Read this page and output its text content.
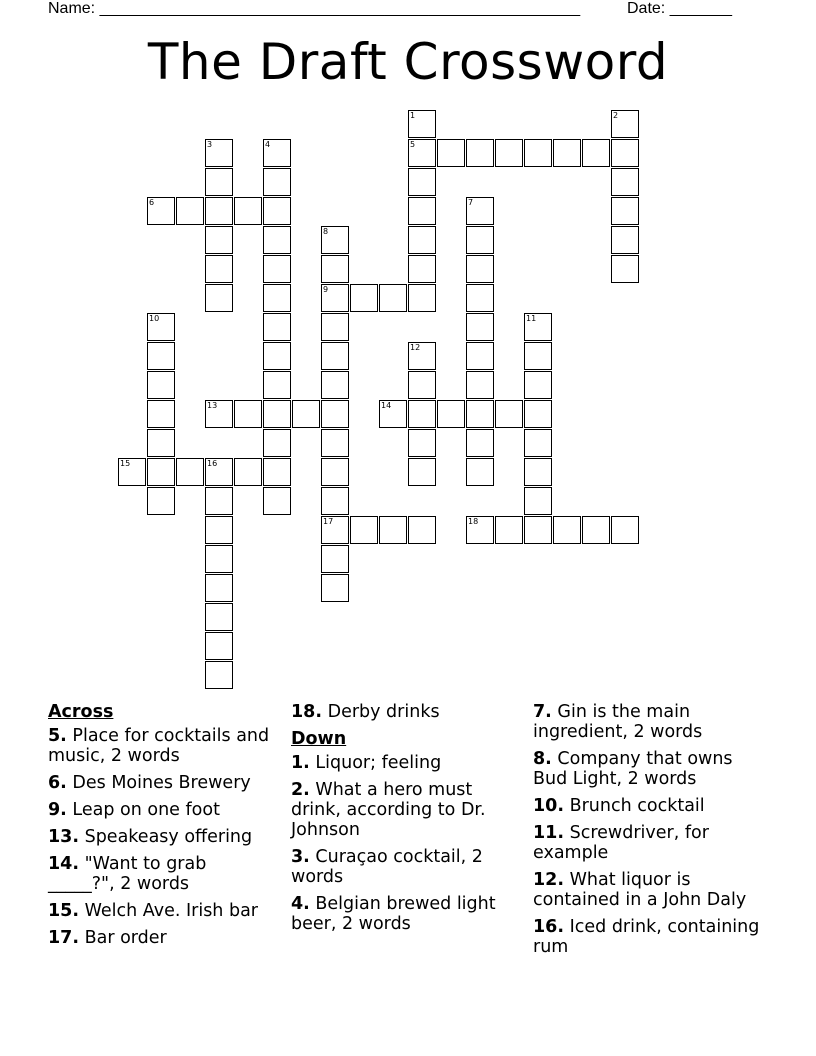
Name: ______________________________________________________	Date: _______
The Draft Crossword
1
5
2
3	4
6	7
8
9
17
10	11
12
13	14
15	16
18
Across
5. Place for cocktails and music, 2 words
6. Des Moines Brewery
9. Leap on one foot
13. Speakeasy offering
14. "Want to grab _____?", 2 words
15. Welch Ave. Irish bar
17. Bar order
18. Derby drinks
Down
1. Liquor; feeling
2. What a hero must drink, according to Dr. Johnson
3. Curaçao cocktail, 2 words
4. Belgian brewed light beer, 2 words
7. Gin is the main ingredient, 2 words
8. Company that owns Bud Light, 2 words
10. Brunch cocktail
11. Screwdriver, for example
12. What liquor is contained in a John Daly
16. Iced drink, containing rum
